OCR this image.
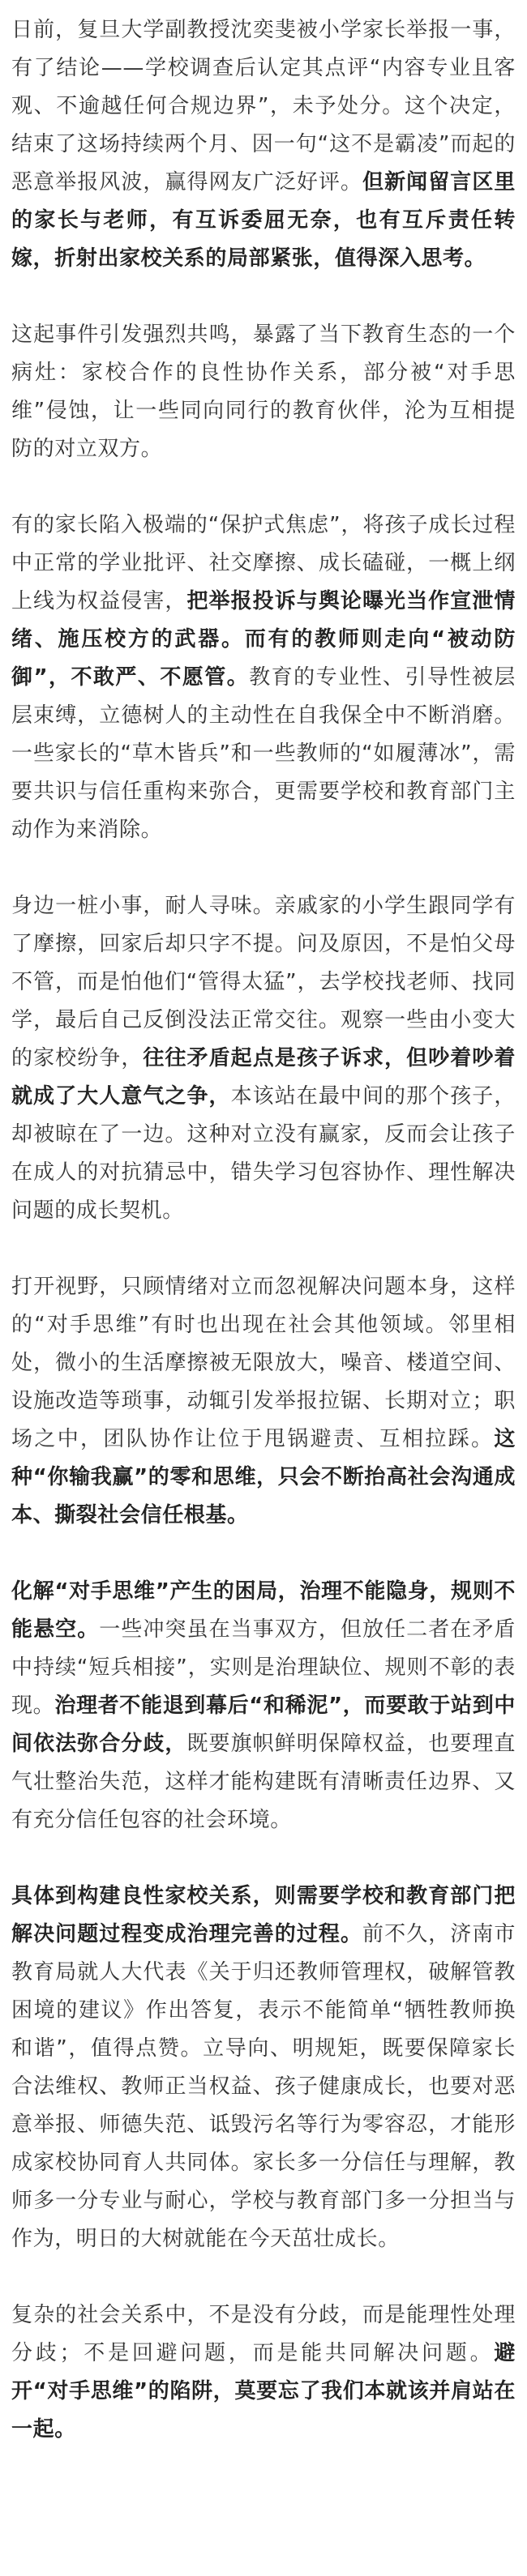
日前，复旦大学副教授沈奕斐被小学家长举报一事，有了结论——学校调查后认定其点评“内容专业且客观、不逾越任何合规边界”，未予处分。这个决定，结束了这场持续两个月、因一句“这不是霸凌”而起的恶意举报风波，赢得网友广泛好评。但新闻留言区里的家长与老师，有互诉委屈无奈，也有互斥责任转嫁，折射出家校关系的局部紧张，值得深入思考。

这起事件引发强烈共鸣，暴露了当下教育生态的一个病灶：家校合作的良性协作关系，部分被“对手思维”侵蚀，让一些同向同行的教育伙伴，沦为互相提防的对立双方。

有的家长陷入极端的“保护式焦虑”，将孩子成长过程中正常的学业批评、社交摩擦、成长磕碰，一概上纲上线为权益侵害，把举报投诉与舆论曝光当作宣泄情绪、施压校方的武器。而有的教师则走向“被动防御”，不敢严、不愿管。教育的专业性、引导性被层层束缚，立德树人的主动性在自我保全中不断消磨。一些家长的“草木皆兵”和一些教师的“如履薄冰”，需要共识与信任重构来弥合，更需要学校和教育部门主动作为来消除。

身边一桩小事，耐人寻味。亲戚家的小学生跟同学有了摩擦，回家后却只字不提。问及原因，不是怕父母不管，而是怕他们“管得太猛”，去学校找老师、找同学，最后自己反倒没法正常交往。观察一些由小变大的家校纷争，往往矛盾起点是孩子诉求，但吵着吵着就成了大人意气之争，本该站在最中间的那个孩子，却被晾在了一边。这种对立没有赢家，反而会让孩子在成人的对抗猜忌中，错失学习包容协作、理性解决问题的成长契机。

打开视野，只顾情绪对立而忽视解决问题本身，这样的“对手思维”有时也出现在社会其他领域。邻里相处，微小的生活摩擦被无限放大，噪音、楼道空间、设施改造等琐事，动辄引发举报拉锯、长期对立；职场之中，团队协作让位于甩锅避责、互相拉踩。这种“你输我赢”的零和思维，只会不断抬高社会沟通成本、撕裂社会信任根基。

化解“对手思维”产生的困局，治理不能隐身，规则不能悬空。一些冲突虽在当事双方，但放任二者在矛盾中持续“短兵相接”，实则是治理缺位、规则不彰的表现。治理者不能退到幕后“和稀泥”，而要敢于站到中间依法弥合分歧，既要旗帜鲜明保障权益，也要理直气壮整治失范，这样才能构建既有清晰责任边界、又有充分信任包容的社会环境。

具体到构建良性家校关系，则需要学校和教育部门把解决问题过程变成治理完善的过程。前不久，济南市教育局就人大代表《关于归还教师管理权，破解管教困境的建议》作出答复，表示不能简单“牺牲教师换和谐”，值得点赞。立导向、明规矩，既要保障家长合法维权、教师正当权益、孩子健康成长，也要对恶意举报、师德失范、诋毁污名等行为零容忍，才能形成家校协同育人共同体。家长多一分信任与理解，教师多一分专业与耐心，学校与教育部门多一分担当与作为，明日的大树就能在今天茁壮成长。

复杂的社会关系中，不是没有分歧，而是能理性处理分歧；不是回避问题，而是能共同解决问题。避开“对手思维”的陷阱，莫要忘了我们本就该并肩站在一起。
